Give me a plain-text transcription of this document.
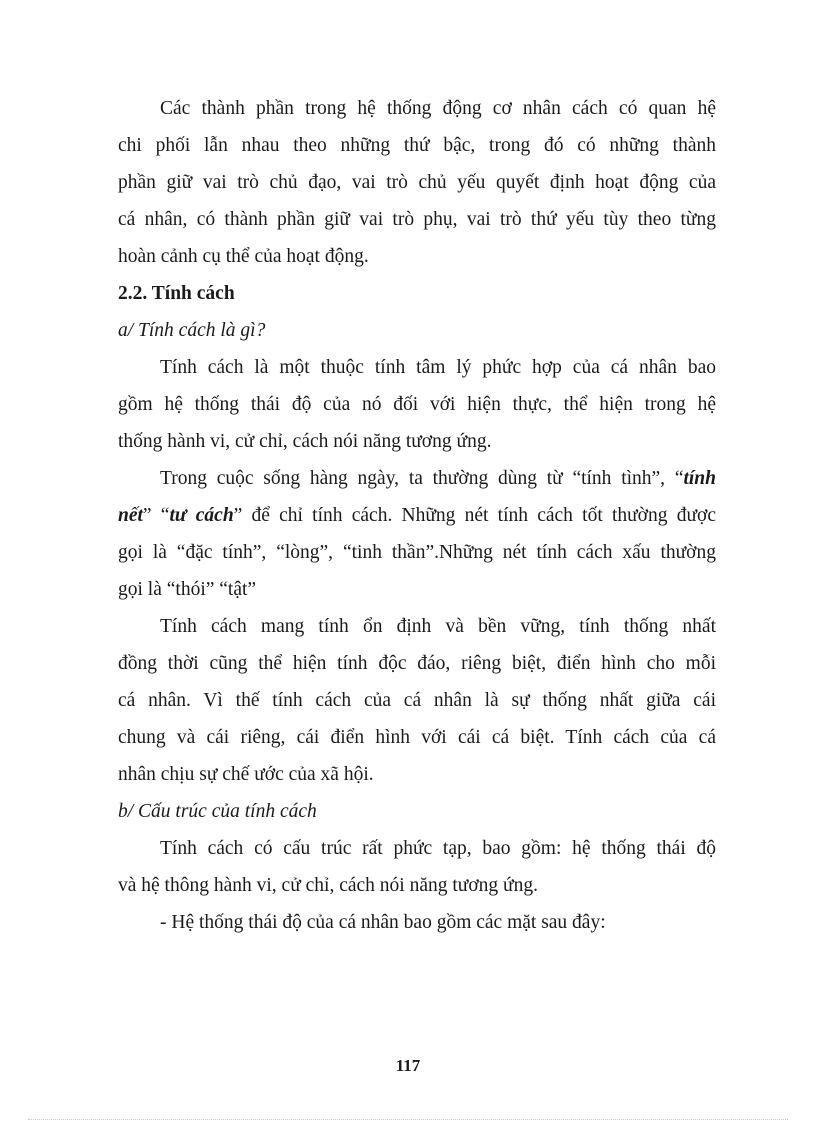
Các thành phần trong hệ thống động cơ nhân cách có quan hệ
chi phối lẫn nhau theo những thứ bậc, trong đó có những thành
phần giữ vai trò chủ đạo, vai trò chủ yếu quyết định hoạt động của
cá nhân, có thành phần giữ vai trò phụ, vai trò thứ yếu tùy theo từng
hoàn cảnh cụ thể của hoạt động.
2.2. Tính cách
a/ Tính cách là gì?
Tính cách là một thuộc tính tâm lý phức hợp của cá nhân bao
gồm hệ thống thái độ của nó đối với hiện thực, thể hiện trong hệ
thống hành vi, cử chỉ, cách nói năng tương ứng.
Trong cuộc sống hàng ngày, ta thường dùng từ “tính tình”, “tính
nết” “tư cách” để chỉ tính cách. Những nét tính cách tốt thường được
gọi là “đặc tính”, “lòng”, “tinh thần”.Những nét tính cách xấu thường
gọi là “thói” “tật”
Tính cách mang tính ổn định và bền vững, tính thống nhất
đồng thời cũng thể hiện tính độc đáo, riêng biệt, điển hình cho mỗi
cá nhân. Vì thế tính cách của cá nhân là sự thống nhất giữa cái
chung và cái riêng, cái điển hình với cái cá biệt. Tính cách của cá
nhân chịu sự chế ước của xã hội.
b/ Cấu trúc của tính cách
Tính cách có cấu trúc rất phức tạp, bao gồm: hệ thống thái độ
và hệ thông hành vi, cử chỉ, cách nói năng tương ứng.
- Hệ thống thái độ của cá nhân bao gồm các mặt sau đây:
117
